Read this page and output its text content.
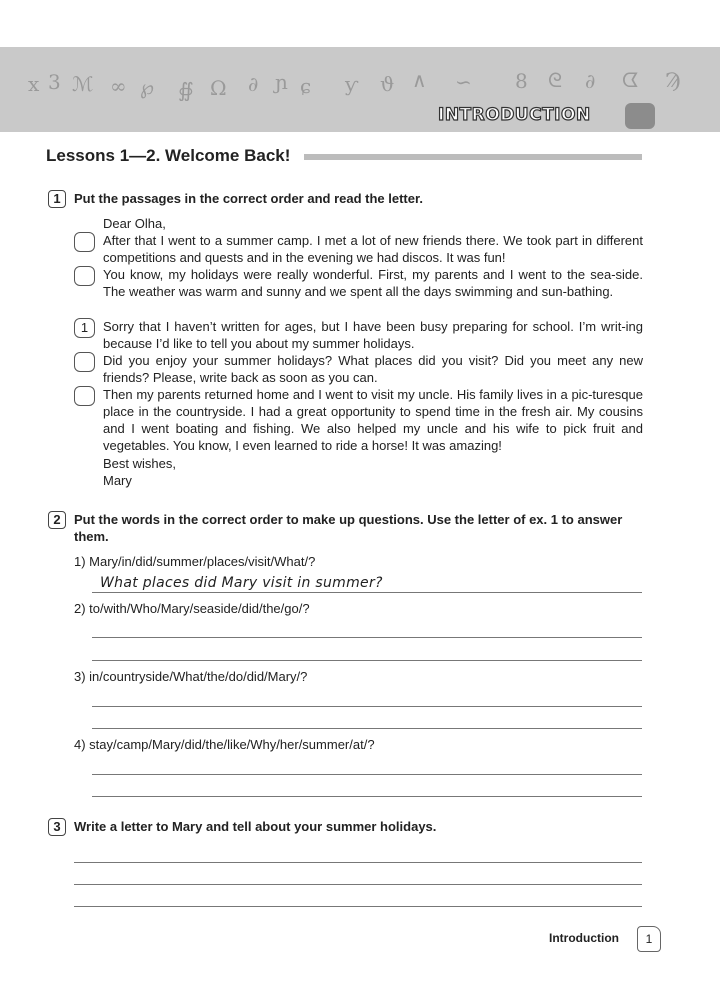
x 3 ℳ ∞ ℘ ∯ Ω ∂ ɲ ɕ ƴ ϑ ∧ ∽ 8 ᘓ ∂ ᗧ Ϡ
INTRODUCTION
Lessons 1—2. Welcome Back!
1	Put the passages in the correct order and read the letter.
Dear Olha,
After that I went to a summer camp. I met a lot of new friends there. We took part in different competitions and quests and in the evening we had discos. It was fun!
You know, my holidays were really wonderful. First, my parents and I went to the sea-side. The weather was warm and sunny and we spent all the days swimming and sun-bathing.
1	Sorry that I haven’t written for ages, but I have been busy preparing for school. I’m writ-ing because I’d like to tell you about my summer holidays.
Did you enjoy your summer holidays? What places did you visit? Did you meet any new friends? Please, write back as soon as you can.
Then my parents returned home and I went to visit my uncle. His family lives in a pic-turesque place in the countryside. I had a great opportunity to spend time in the fresh air. My cousins and I went boating and fishing. We also helped my uncle and his wife to pick fruit and vegetables. You know, I even learned to ride a horse! It was amazing!
Best wishes,
Mary
2	Put the words in the correct order to make up questions. Use the letter of ex. 1 to answer them.
1) Mary/in/did/summer/places/visit/What/?
What places did Mary visit in summer?
2) to/with/Who/Mary/seaside/did/the/go/?
3) in/countryside/What/the/do/did/Mary/?
4) stay/camp/Mary/did/the/like/Why/her/summer/at/?
3	Write a letter to Mary and tell about your summer holidays.
Introduction	1
